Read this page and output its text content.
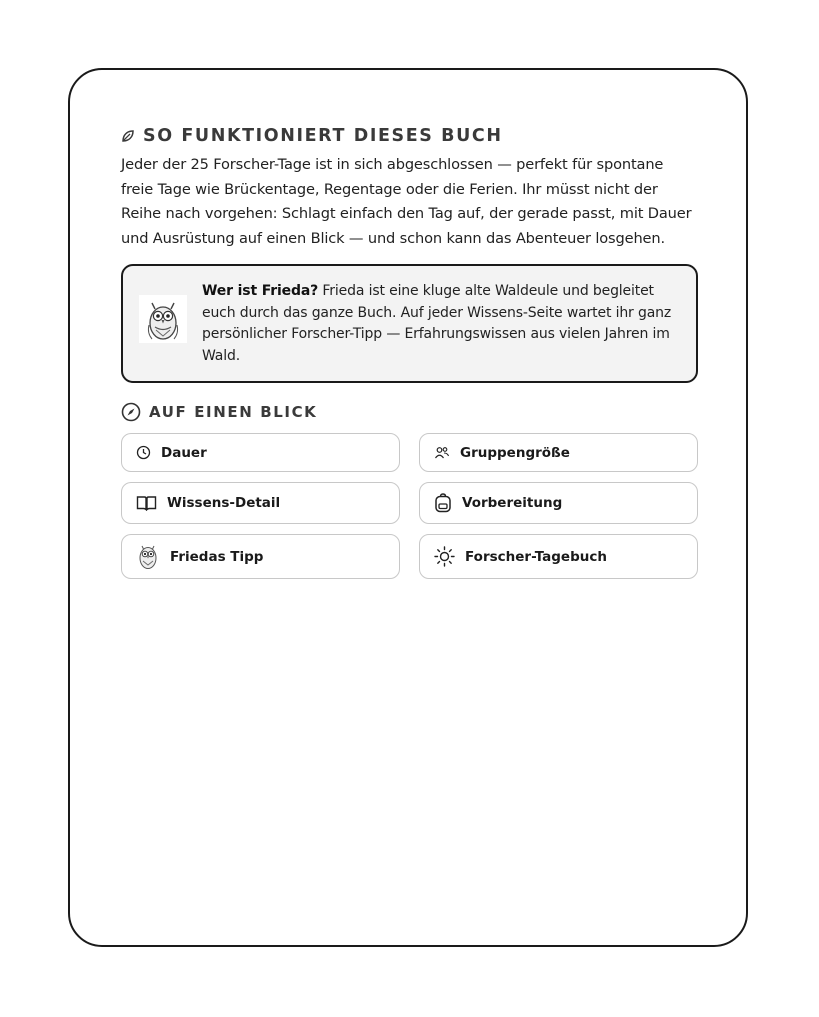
SO FUNKTIONIERT DIESES BUCH
Jeder der 25 Forscher-Tage ist in sich abgeschlossen — perfekt für spontane freie Tage wie Brückentage, Regentage oder die Ferien. Ihr müsst nicht der Reihe nach vorgehen: Schlagt einfach den Tag auf, der gerade passt, mit Dauer und Ausrüstung auf einen Blick — und schon kann das Abenteuer losgehen.
Wer ist Frieda? Frieda ist eine kluge alte Waldeule und begleitet euch durch das ganze Buch. Auf jeder Wissens-Seite wartet ihr ganz persönlicher Forscher-Tipp — Erfahrungswissen aus vielen Jahren im Wald.
AUF EINEN BLICK
Dauer	Gruppengröße
Wissens-Detail	Vorbereitung
Friedas Tipp	Forscher-Tagebuch
